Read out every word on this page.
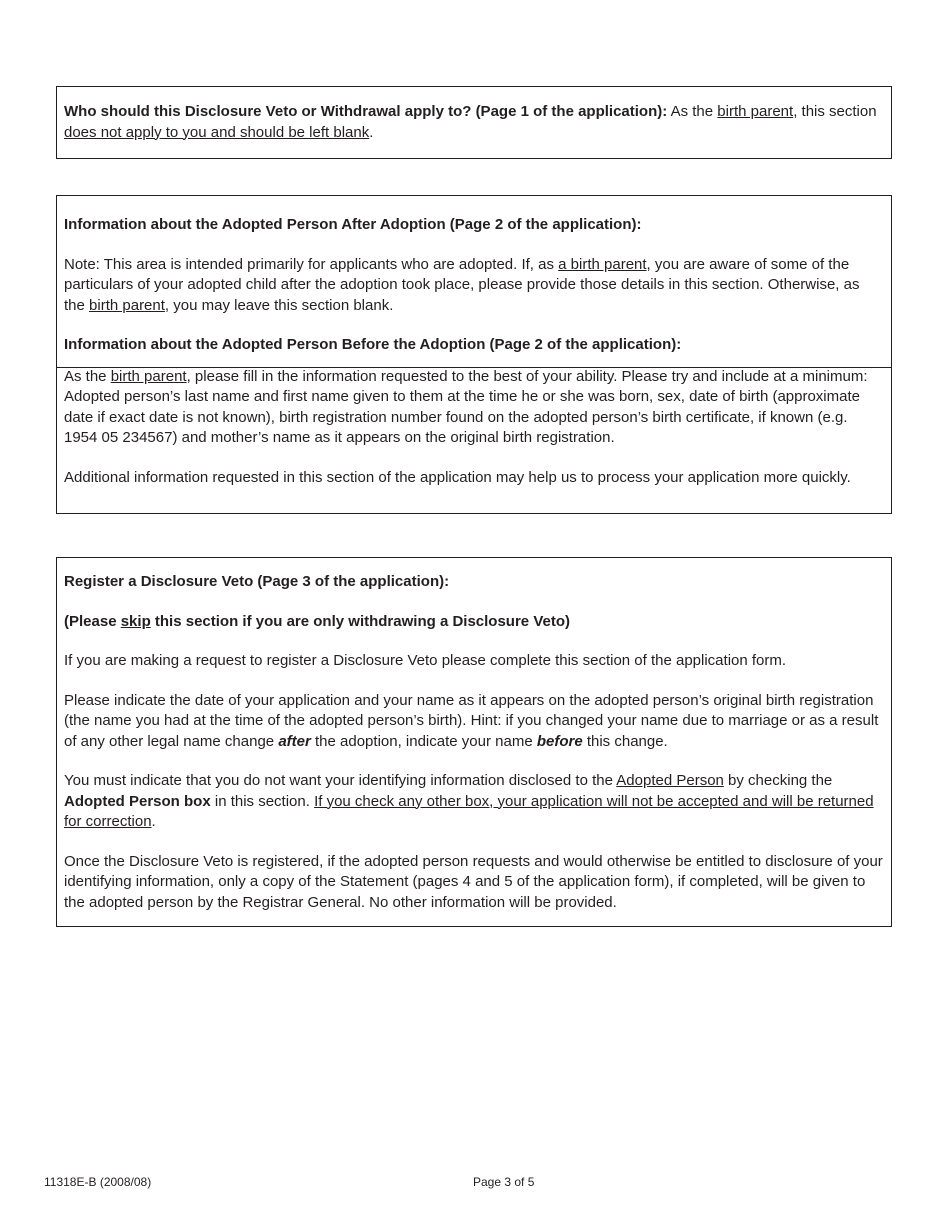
Who should this Disclosure Veto or Withdrawal apply to? (Page 1 of the application): As the birth parent, this section does not apply to you and should be left blank.

Information about the Adopted Person After Adoption (Page 2 of the application):

Note: This area is intended primarily for applicants who are adopted. If, as a birth parent, you are aware of some of the

particulars of your adopted child after the adoption took place, please provide those details in this section. Otherwise, as the birth parent, you may leave this section blank.

Information about the Adopted Person Before the Adoption (Page 2 of the application):

As the birth parent, please fill in the information requested to the best of your ability. Please try and include at a minimum: Adopted person’s last name and first name given to them at the time he or she was born, sex, date of birth (approximate date if exact date is not known), birth registration number found on the adopted person’s birth certificate, if known (e.g. 1954 05 234567) and mother’s name as it appears on the original birth registration.

Additional information requested in this section of the application may help us to process your application more quickly.

Register a Disclosure Veto (Page 3 of the application):

(Please skip this section if you are only withdrawing a Disclosure Veto)

If you are making a request to register a Disclosure Veto please complete this section of the application form.

Please indicate the date of your application and your name as it appears on the adopted person’s original birth registration (the name you had at the time of the adopted person’s birth). Hint: if you changed your name due to marriage or as a result of any other legal name change after the adoption, indicate your name before this change.

You must indicate that you do not want your identifying information disclosed to the Adopted Person by checking the Adopted Person box in this section. If you check any other box, your application will not be accepted and will be returned for correction.

Once the Disclosure Veto is registered, if the adopted person requests and would otherwise be entitled to disclosure of your identifying information, only a copy of the Statement (pages 4 and 5 of the application form), if completed, will be given to the adopted person by the Registrar General. No other information will be provided.

11318E-B (2008/08)	Page 3 of 5
